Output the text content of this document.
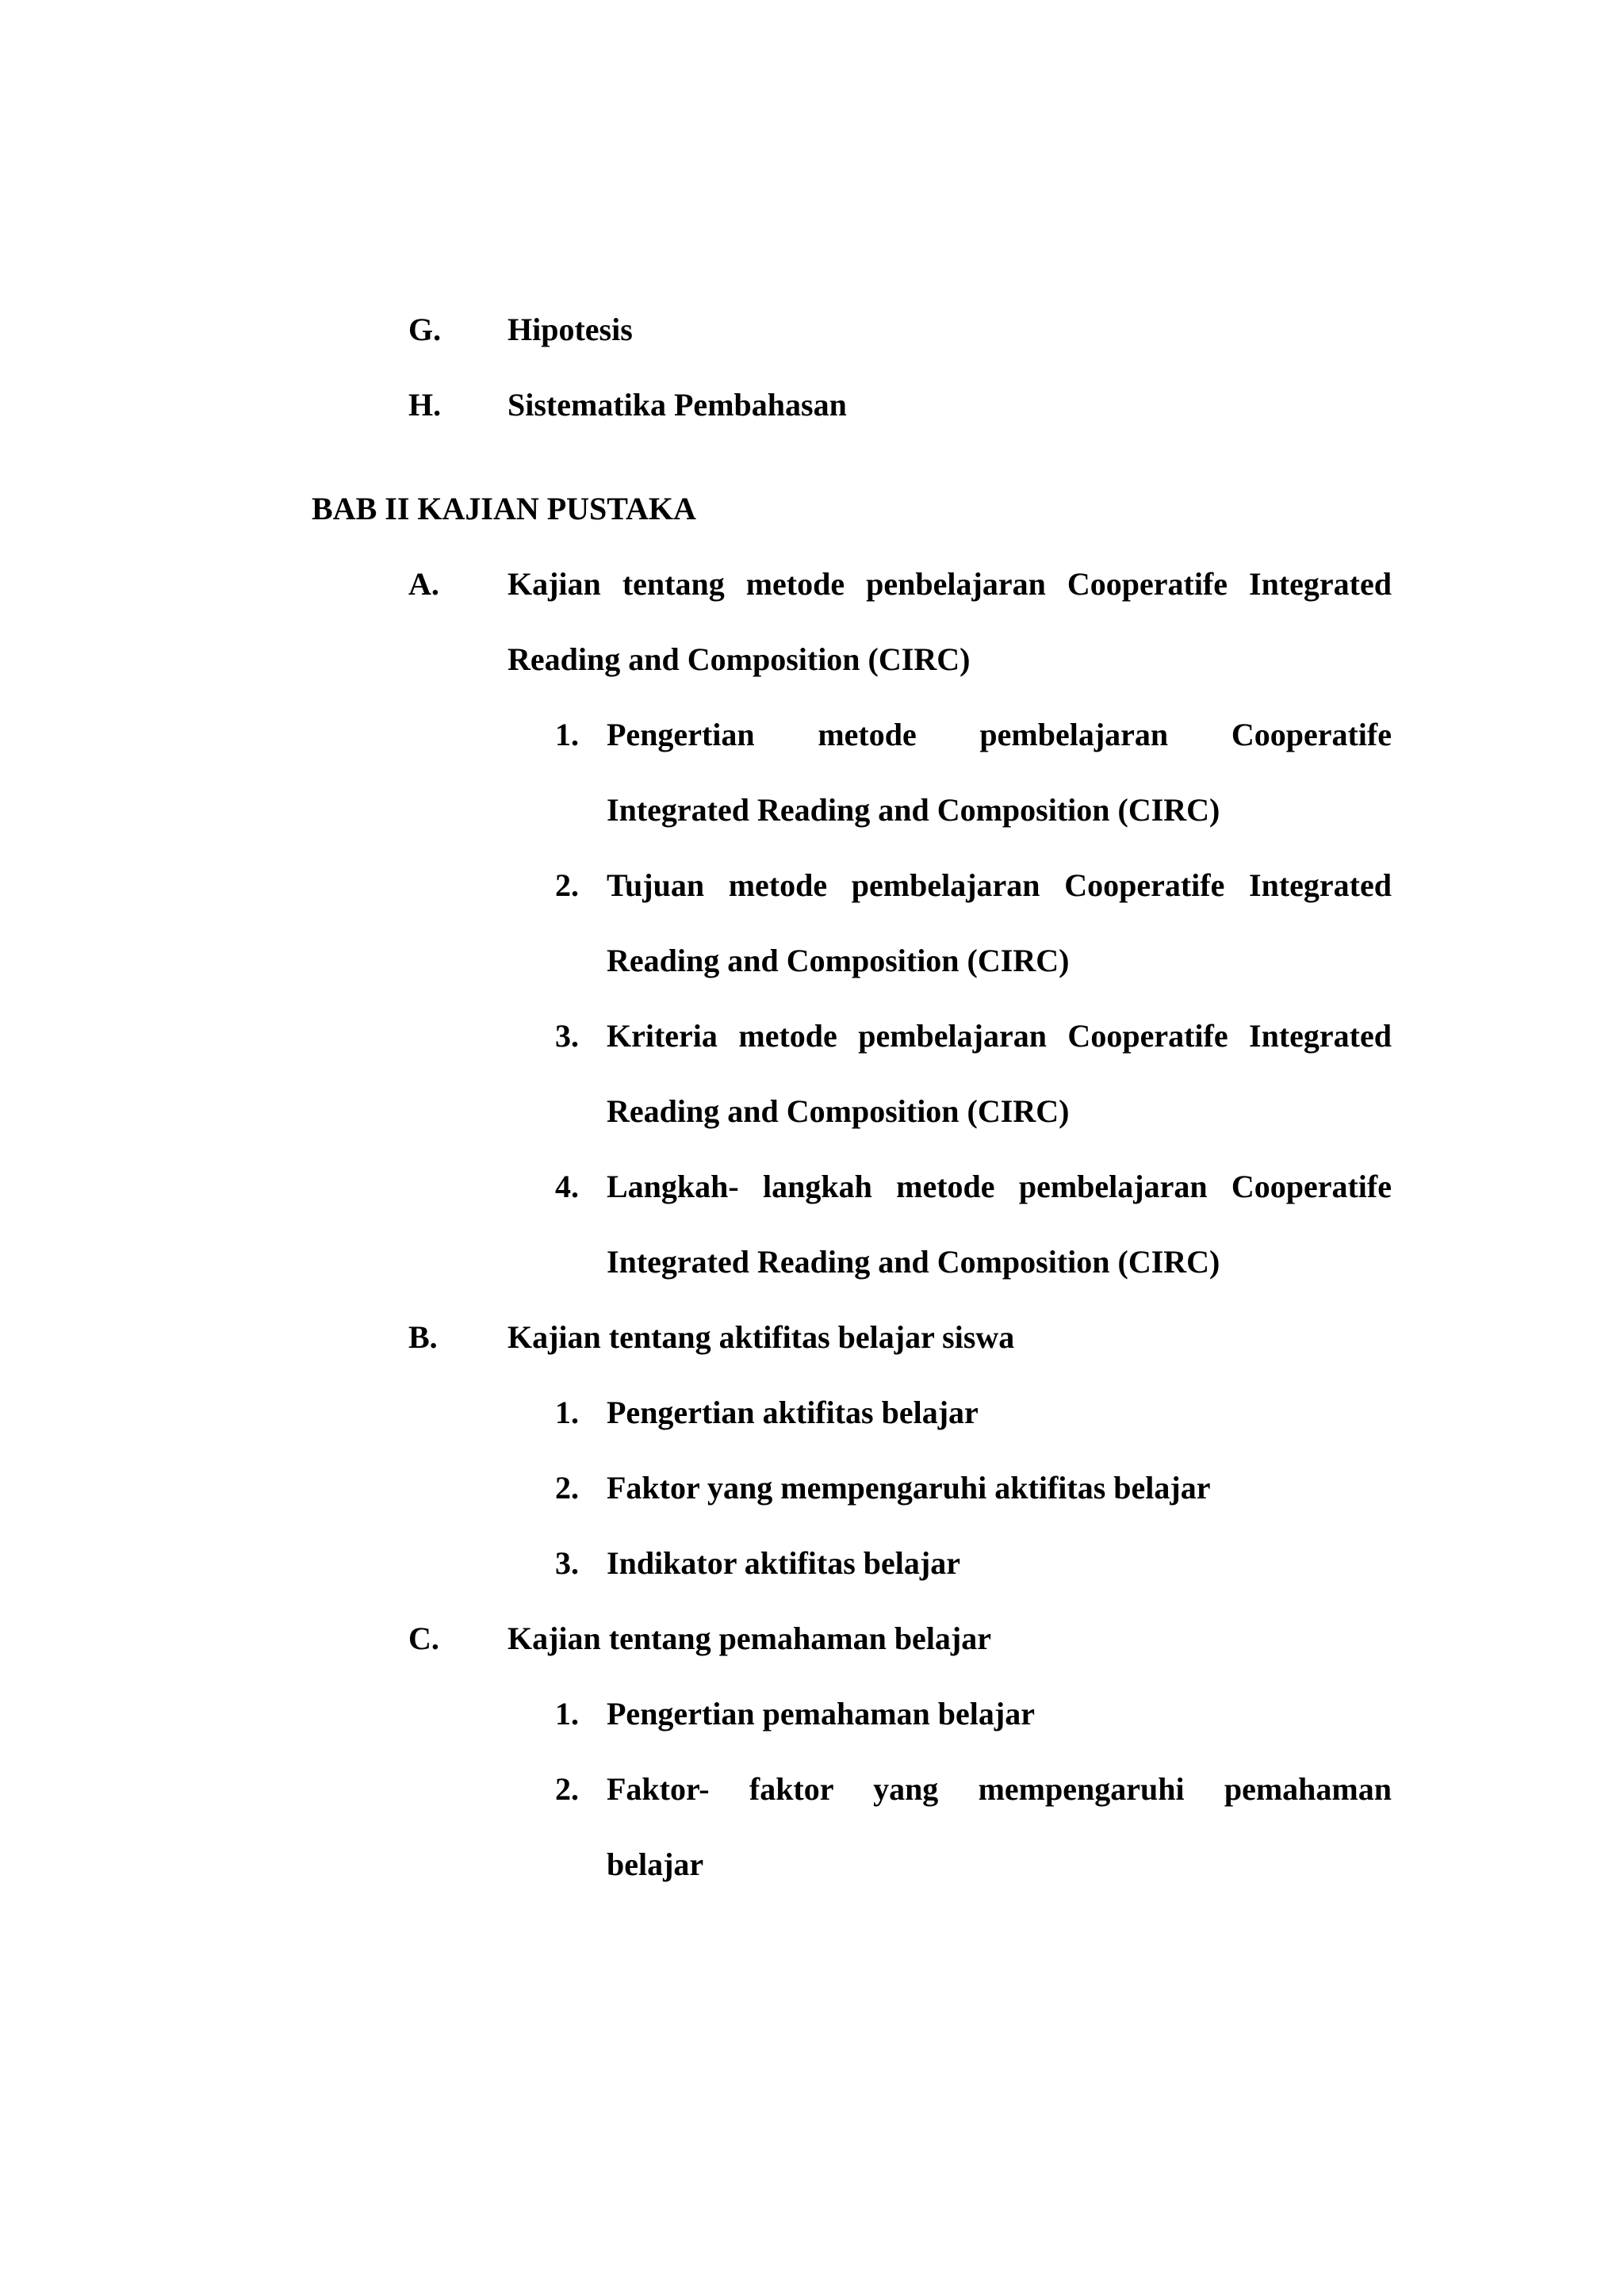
G. Hipotesis
H. Sistematika Pembahasan
BAB II KAJIAN PUSTAKA
A. Kajian tentang metode penbelajaran Cooperatife Integrated
Reading and Composition (CIRC)
1. Pengertian metode pembelajaran Cooperatife
Integrated Reading and Composition (CIRC)
2. Tujuan metode pembelajaran Cooperatife Integrated
Reading and Composition (CIRC)
3. Kriteria metode pembelajaran Cooperatife Integrated
Reading and Composition (CIRC)
4. Langkah- langkah metode pembelajaran Cooperatife
Integrated Reading and Composition (CIRC)
B. Kajian tentang aktifitas belajar siswa
1. Pengertian aktifitas belajar
2. Faktor yang mempengaruhi aktifitas belajar
3. Indikator aktifitas belajar
C. Kajian tentang pemahaman belajar
1. Pengertian pemahaman belajar
2. Faktor- faktor yang mempengaruhi pemahaman
belajar
